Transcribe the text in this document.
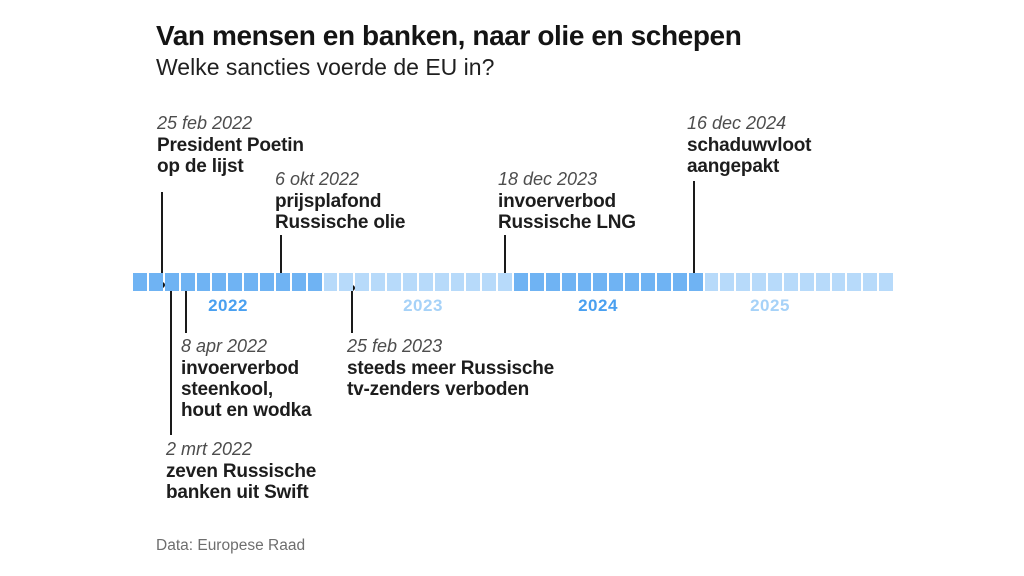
Van mensen en banken, naar olie en schepen
Welke sancties voerde de EU in?
25 feb 2022
President Poetin
op de lijst
6 okt 2022
prijsplafond
Russische olie
18 dec 2023
invoerverbod
Russische LNG
16 dec 2024
schaduwvloot
aangepakt
8 apr 2022
invoerverbod
steenkool,
hout en wodka
25 feb 2023
steeds meer Russische
tv-zenders verboden
2 mrt 2022
zeven Russische
banken uit Swift
2022	2023	2024	2025
Data: Europese Raad
